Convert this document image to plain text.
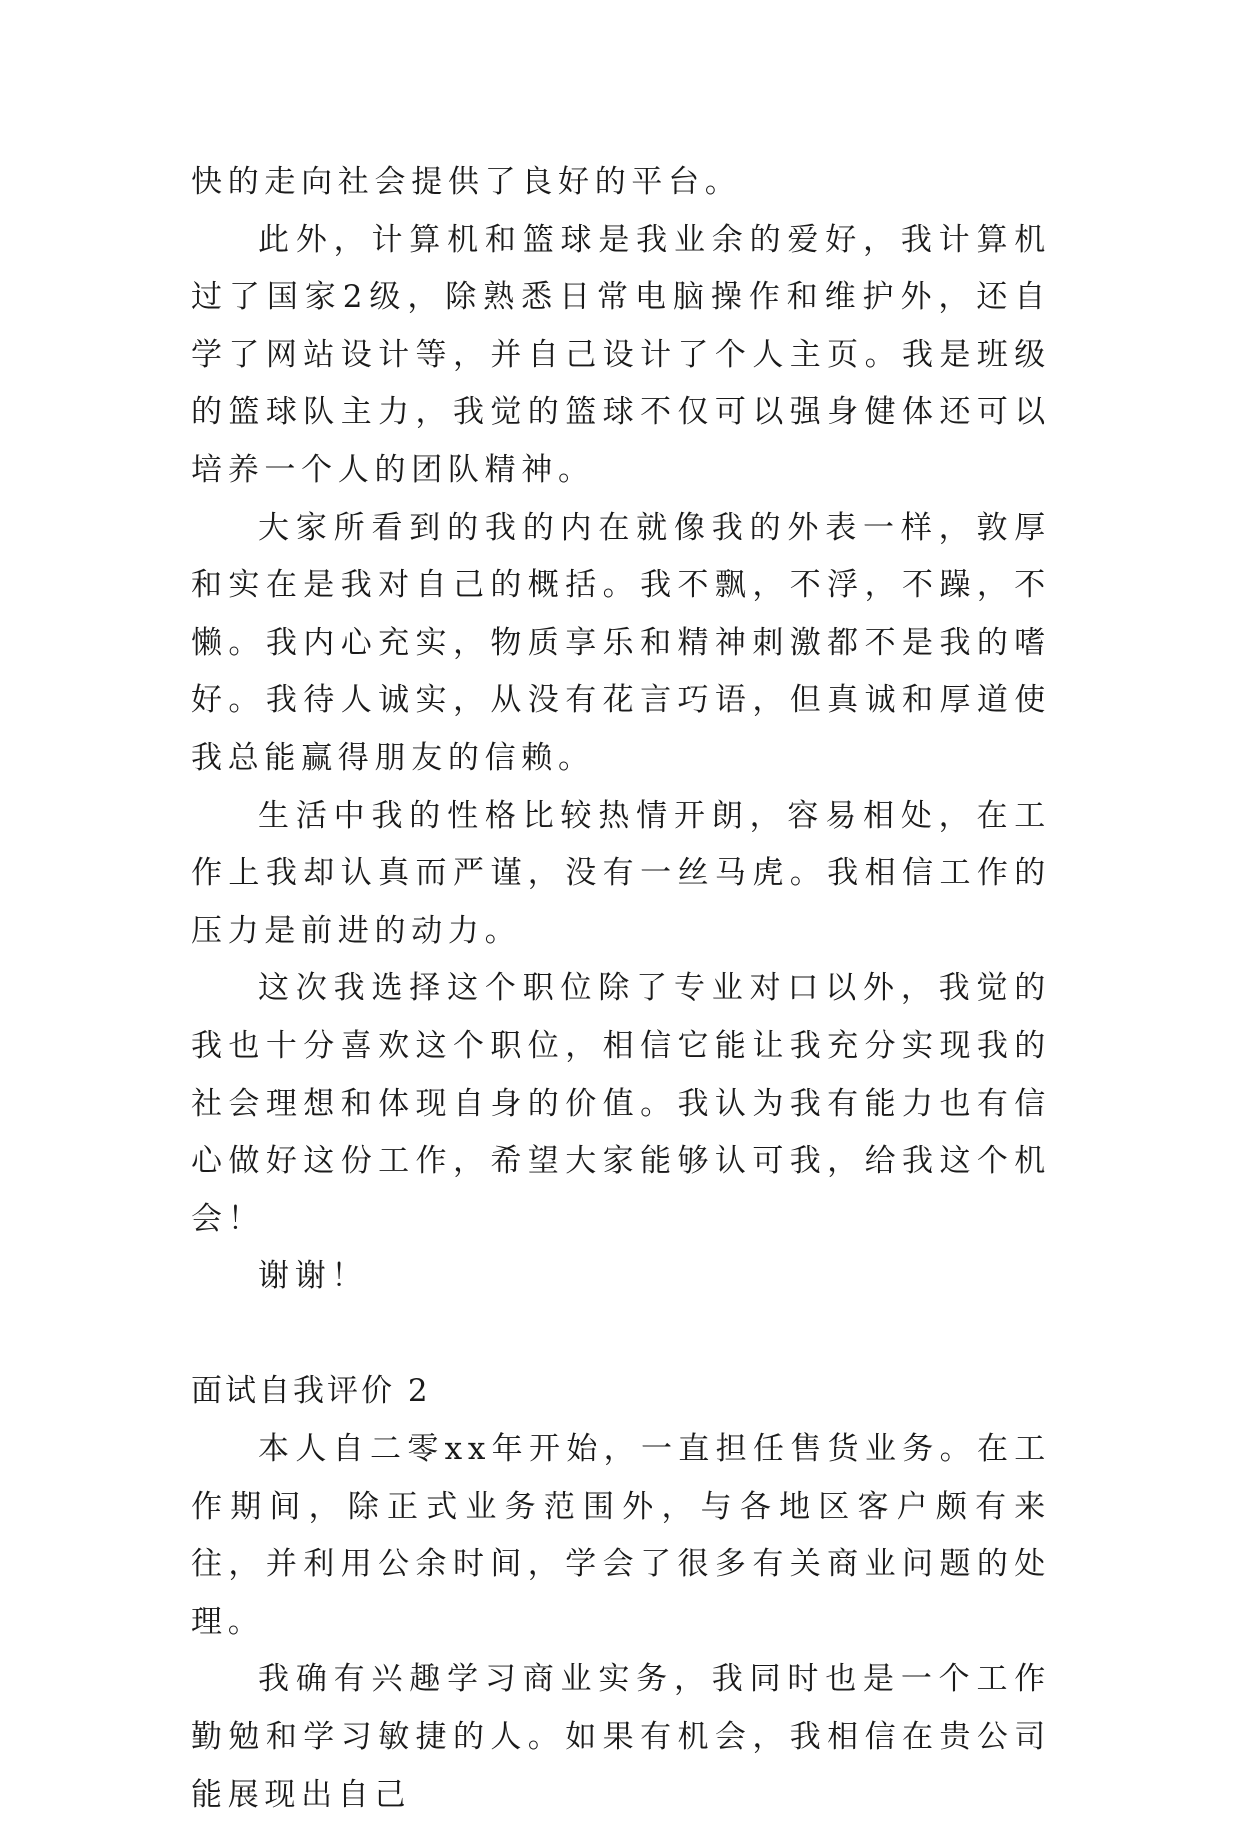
快的走向社会提供了良好的平台。

此外，计算机和篮球是我业余的爱好，我计算机过了国家2级，除熟悉日常电脑操作和维护外，还自学了网站设计等，并自己设计了个人主页。我是班级的篮球队主力，我觉的篮球不仅可以强身健体还可以培养一个人的团队精神。

大家所看到的我的内在就像我的外表一样，敦厚和实在是我对自己的概括。我不飘，不浮，不躁，不懒。我内心充实，物质享乐和精神刺激都不是我的嗜好。我待人诚实，从没有花言巧语，但真诚和厚道使我总能赢得朋友的信赖。

生活中我的性格比较热情开朗，容易相处，在工作上我却认真而严谨，没有一丝马虎。我相信工作的压力是前进的动力。

这次我选择这个职位除了专业对口以外，我觉的我也十分喜欢这个职位，相信它能让我充分实现我的社会理想和体现自身的价值。我认为我有能力也有信心做好这份工作，希望大家能够认可我，给我这个机会！

谢谢！

面试自我评价 2

本人自二零xx年开始，一直担任售货业务。在工作期间，除正式业务范围外，与各地区客户颇有来往，并利用公余时间，学会了很多有关商业问题的处理。

我确有兴趣学习商业实务，我同时也是一个工作勤勉和学习敏捷的人。如果有机会，我相信在贵公司能展现出自己
